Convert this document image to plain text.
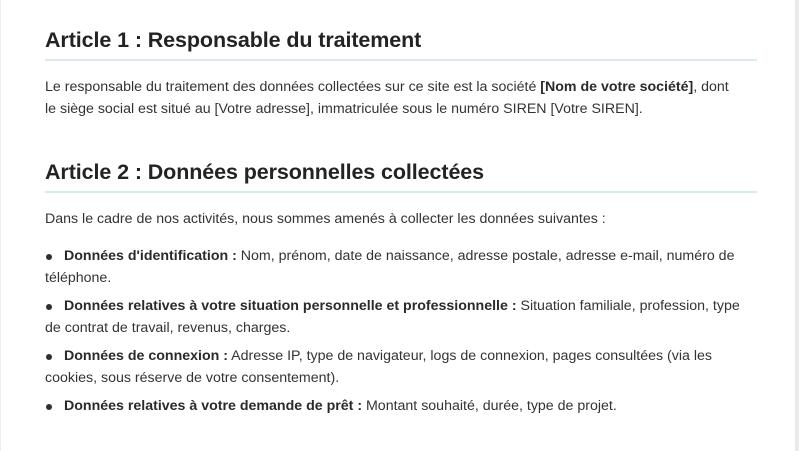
Article 1 : Responsable du traitement

Le responsable du traitement des données collectées sur ce site est la société [Nom de votre société], dont
le siège social est situé au [Votre adresse], immatriculée sous le numéro SIREN [Votre SIREN].

Article 2 : Données personnelles collectées

Dans le cadre de nos activités, nous sommes amenés à collecter les données suivantes :

Données d'identification : Nom, prénom, date de naissance, adresse postale, adresse e-mail, numéro de
téléphone.
Données relatives à votre situation personnelle et professionnelle : Situation familiale, profession, type
de contrat de travail, revenus, charges.
Données de connexion : Adresse IP, type de navigateur, logs de connexion, pages consultées (via les
cookies, sous réserve de votre consentement).
Données relatives à votre demande de prêt : Montant souhaité, durée, type de projet.
